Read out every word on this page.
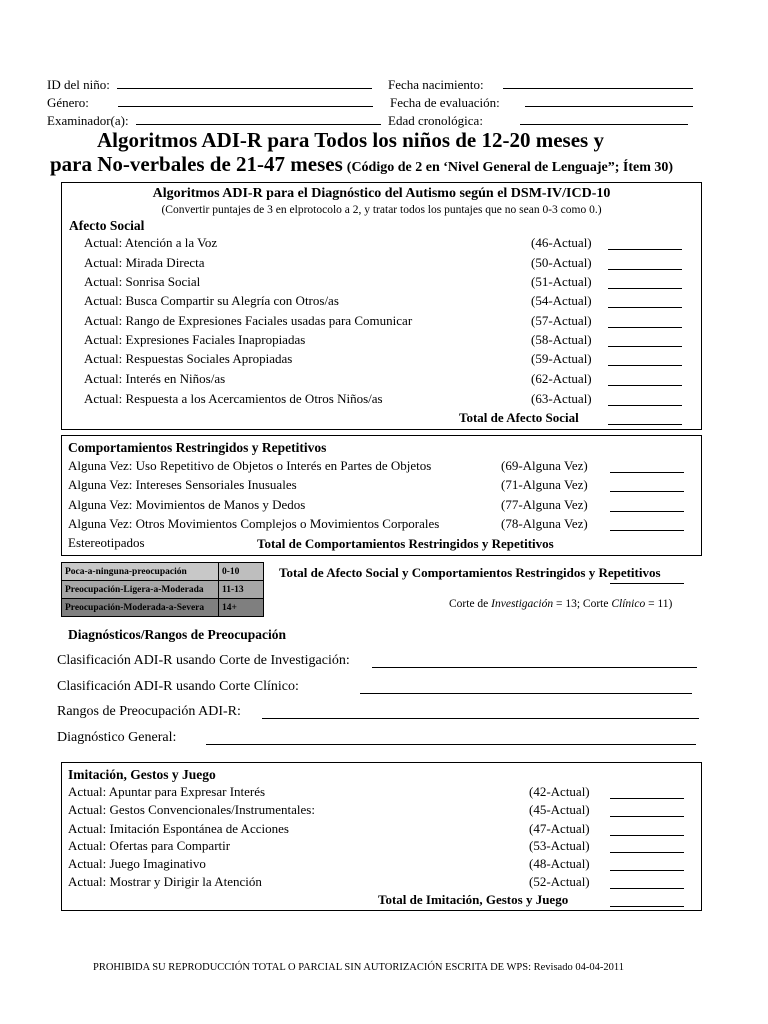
ID del niño:	Fecha nacimiento:
Género:	Fecha de evaluación:
Examinador(a):	Edad cronológica:
Algoritmos ADI-R para Todos los niños de 12-20 meses y
para No-verbales de 21-47 meses (Código de 2 en ‘Nivel General de Lenguaje”; Ítem 30)
Algoritmos ADI-R para el Diagnóstico del Autismo según el DSM-IV/ICD-10
(Convertir puntajes de 3 en elprotocolo a 2, y tratar todos los puntajes que no sean 0-3 como 0.)
Afecto Social
Actual: Atención a la Voz	(46-Actual)
Actual: Mirada Directa	(50-Actual)
Actual: Sonrisa Social	(51-Actual)
Actual: Busca Compartir su Alegría con Otros/as	(54-Actual)
Actual: Rango de Expresiones Faciales usadas para Comunicar	(57-Actual)
Actual: Expresiones Faciales Inapropiadas	(58-Actual)
Actual: Respuestas Sociales Apropiadas	(59-Actual)
Actual: Interés en Niños/as	(62-Actual)
Actual: Respuesta a los Acercamientos de Otros Niños/as	(63-Actual)
Total de Afecto Social
Comportamientos Restringidos y Repetitivos
Alguna Vez: Uso Repetitivo de Objetos o Interés en Partes de Objetos	(69-Alguna Vez)
Alguna Vez: Intereses Sensoriales Inusuales	(71-Alguna Vez)
Alguna Vez: Movimientos de Manos y Dedos	(77-Alguna Vez)
Alguna Vez: Otros Movimientos Complejos o Movimientos Corporales	(78-Alguna Vez)
Estereotipados	Total de Comportamientos Restringidos y Repetitivos
Poca-a-ninguna-preocupación	0-10
Preocupación-Ligera-a-Moderada	11-13
Preocupación-Moderada-a-Severa	14+
Total de Afecto Social y Comportamientos Restringidos y Repetitivos
Corte de Investigación = 13; Corte Clínico = 11)
Diagnósticos/Rangos de Preocupación
Clasificación ADI-R usando Corte de Investigación:
Clasificación ADI-R usando Corte Clínico:
Rangos de Preocupación ADI-R:
Diagnóstico General:
Imitación, Gestos y Juego
Actual: Apuntar para Expresar Interés	(42-Actual)
Actual: Gestos Convencionales/Instrumentales:	(45-Actual)
Actual: Imitación Espontánea de Acciones	(47-Actual)
Actual: Ofertas para Compartir	(53-Actual)
Actual: Juego Imaginativo	(48-Actual)
Actual: Mostrar y Dirigir la Atención	(52-Actual)
Total de Imitación, Gestos y Juego
PROHIBIDA SU REPRODUCCIÓN TOTAL O PARCIAL SIN AUTORIZACIÓN ESCRITA DE WPS: Revisado 04-04-2011
